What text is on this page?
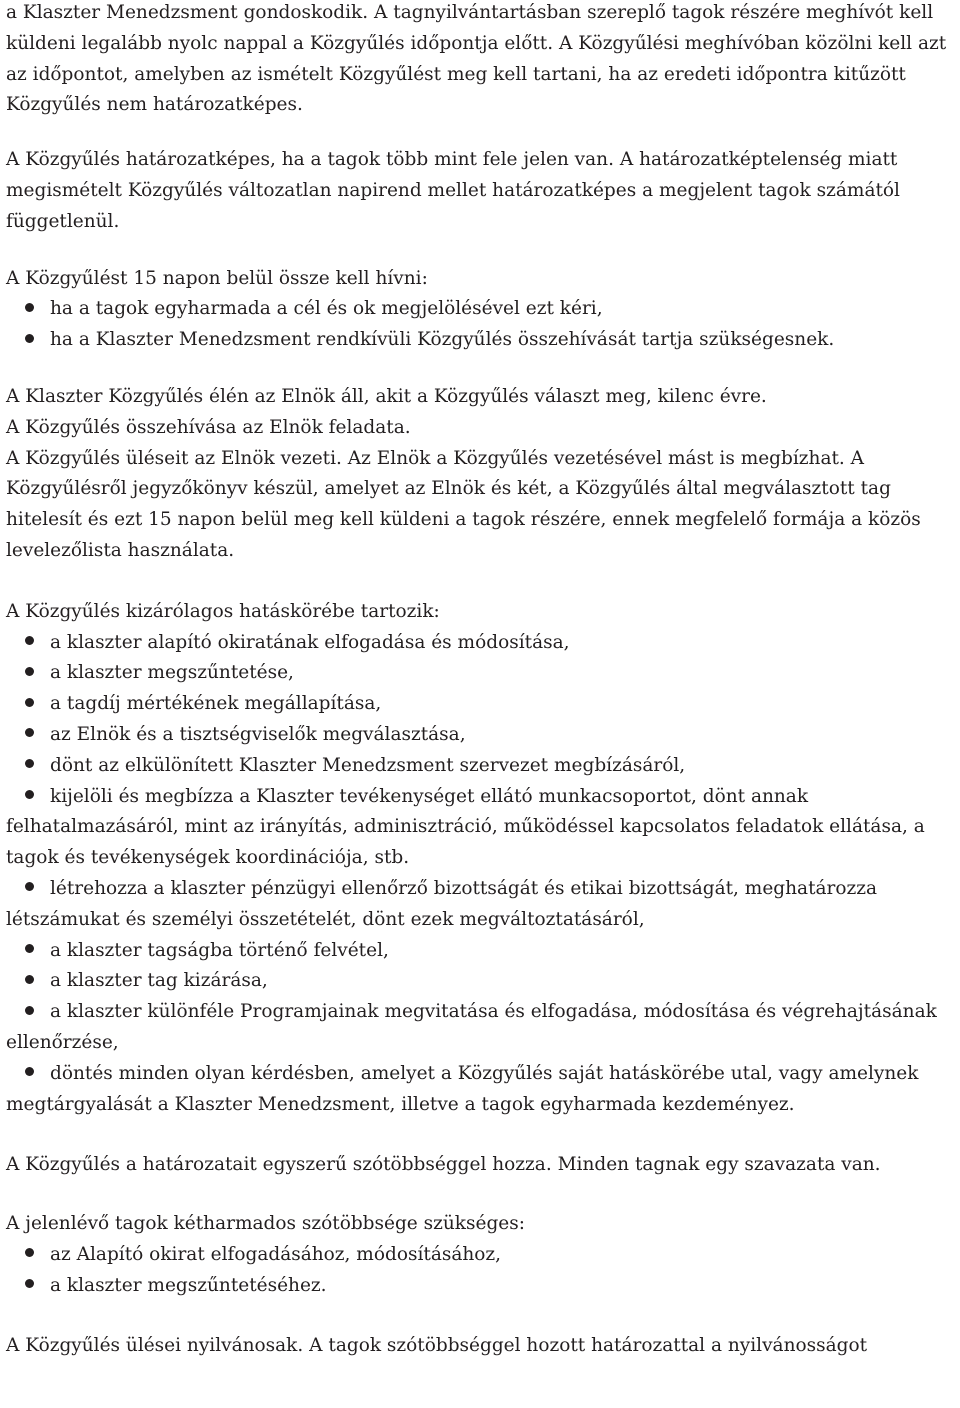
a Klaszter Menedzsment gondoskodik. A tagnyilvántartásban szereplő tagok részére meghívót kell küldeni legalább nyolc nappal a Közgyűlés időpontja előtt. A Közgyűlési meghívóban közölni kell azt az időpontot, amelyben az ismételt Közgyűlést meg kell tartani, ha az eredeti időpontra kitűzött Közgyűlés nem határozatképes.

A Közgyűlés határozatképes, ha a tagok több mint fele jelen van. A határozatképtelenség miatt megismételt Közgyűlés változatlan napirend mellet határozatképes a megjelent tagok számától függetlenül.

A Közgyűlést 15 napon belül össze kell hívni:

ha a tagok egyharmada a cél és ok megjelölésével ezt kéri,
ha a Klaszter Menedzsment rendkívüli Közgyűlés összehívását tartja szükségesnek.

A Klaszter Közgyűlés élén az Elnök áll, akit a Közgyűlés választ meg, kilenc évre.

A Közgyűlés összehívása az Elnök feladata.

A Közgyűlés üléseit az Elnök vezeti. Az Elnök a Közgyűlés vezetésével mást is megbízhat. A Közgyűlésről jegyzőkönyv készül, amelyet az Elnök és két, a Közgyűlés által megválasztott tag hitelesít és ezt 15 napon belül meg kell küldeni a tagok részére, ennek megfelelő formája a közös levelezőlista használata.

A Közgyűlés kizárólagos hatáskörébe tartozik:

a klaszter alapító okiratának elfogadása és módosítása,
a klaszter megszűntetése,
a tagdíj mértékének megállapítása,
az Elnök és a tisztségviselők megválasztása,
dönt az elkülönített Klaszter Menedzsment szervezet megbízásáról,
kijelöli és megbízza a Klaszter tevékenységet ellátó munkacsoportot, dönt annak felhatalmazásáról, mint az irányítás, adminisztráció, működéssel kapcsolatos feladatok ellátása, a tagok és tevékenységek koordinációja, stb.
létrehozza a klaszter pénzügyi ellenőrző bizottságát és etikai bizottságát, meghatározza létszámukat és személyi összetételét, dönt ezek megváltoztatásáról,
a klaszter tagságba történő felvétel,
a klaszter tag kizárása,
a klaszter különféle Programjainak megvitatása és elfogadása, módosítása és végrehajtásának ellenőrzése,
döntés minden olyan kérdésben, amelyet a Közgyűlés saját hatáskörébe utal, vagy amelynek megtárgyalását a Klaszter Menedzsment, illetve a tagok egyharmada kezdeményez.

A Közgyűlés a határozatait egyszerű szótöbbséggel hozza. Minden tagnak egy szavazata van.

A jelenlévő tagok kétharmados szótöbbsége szükséges:

az Alapító okirat elfogadásához, módosításához,
a klaszter megszűntetéséhez.

A Közgyűlés ülései nyilvánosak. A tagok szótöbbséggel hozott határozattal a nyilvánosságot
